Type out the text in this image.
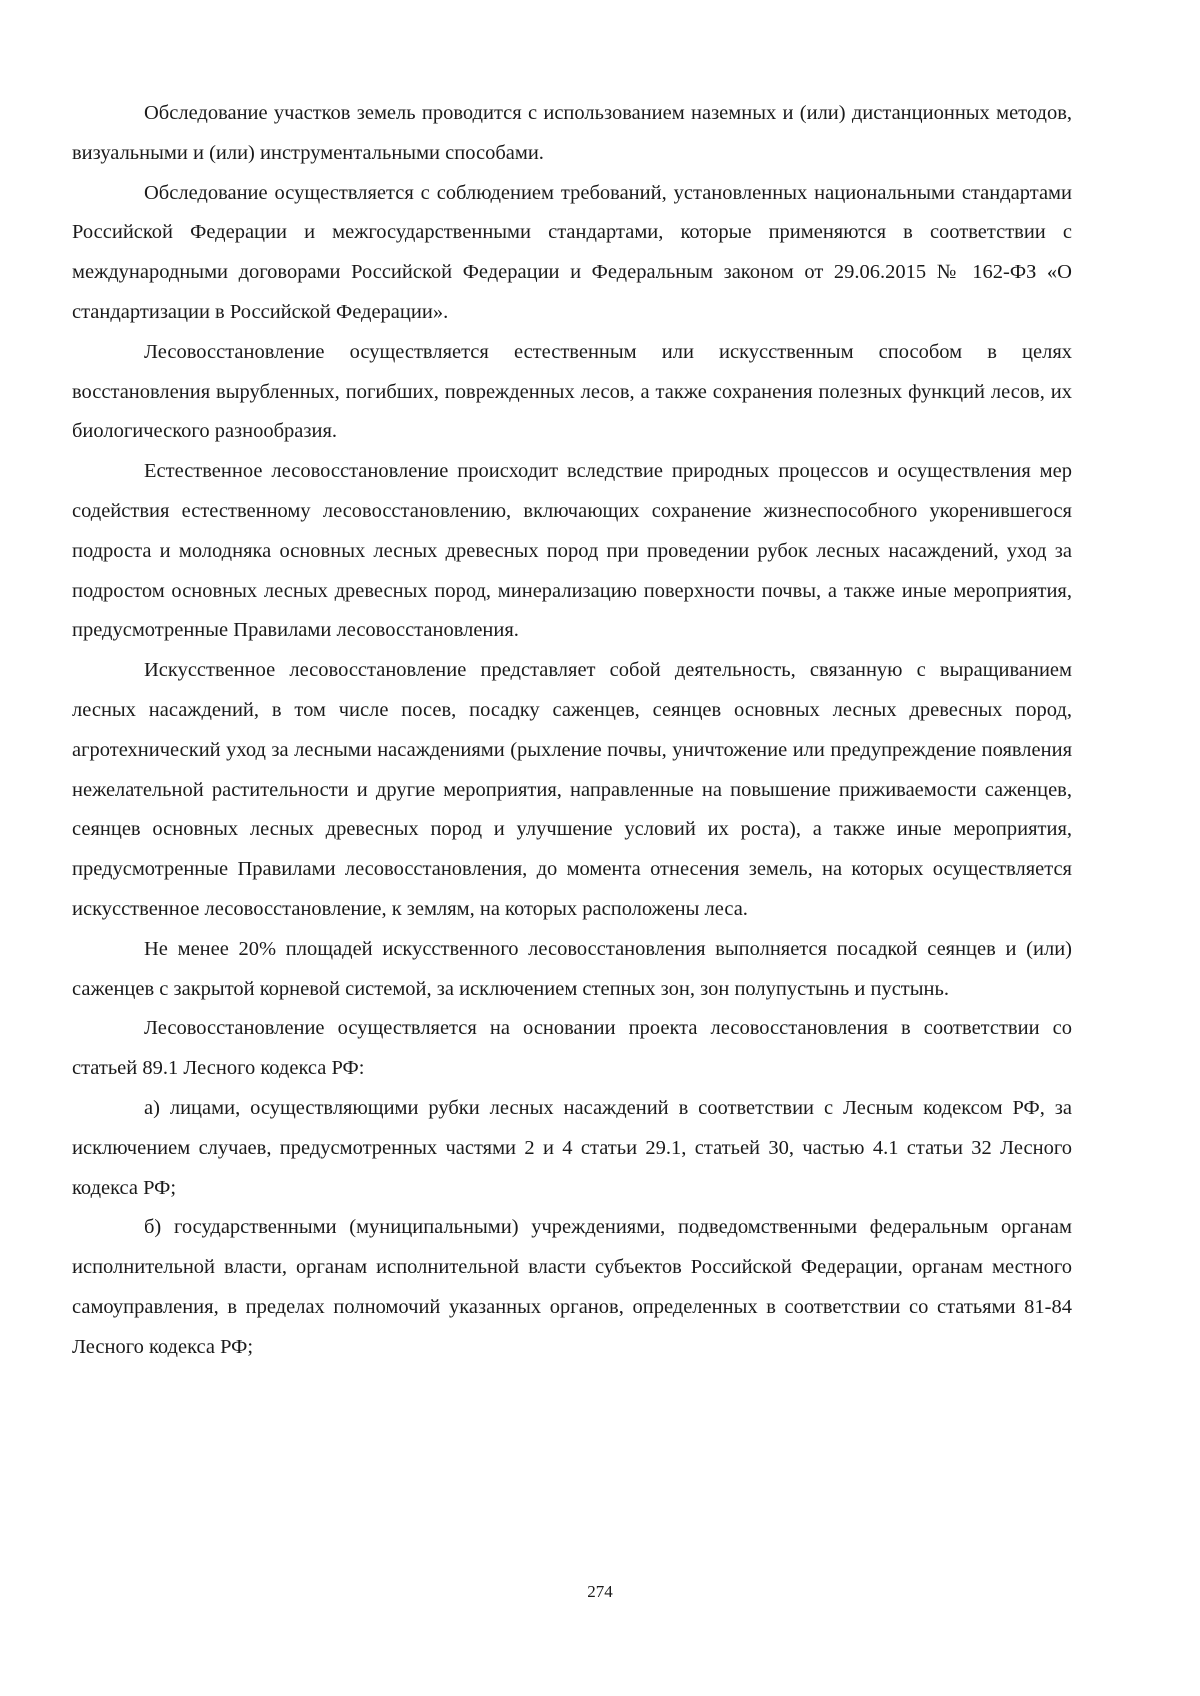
Обследование участков земель проводится с использованием наземных и (или) дистанционных методов, визуальными и (или) инструментальными способами.

Обследование осуществляется с соблюдением требований, установленных национальными стандартами Российской Федерации и межгосударственными стандартами, которые применяются в соответствии с международными договорами Российской Федерации и Федеральным законом от 29.06.2015 № 162-ФЗ «О стандартизации в Российской Федерации».

Лесовосстановление осуществляется естественным или искусственным способом в целях восстановления вырубленных, погибших, поврежденных лесов, а также сохранения полезных функций лесов, их биологического разнообразия.

Естественное лесовосстановление происходит вследствие природных процессов и осуществления мер содействия естественному лесовосстановлению, включающих сохранение жизнеспособного укоренившегося подроста и молодняка основных лесных древесных пород при проведении рубок лесных насаждений, уход за подростом основных лесных древесных пород, минерализацию поверхности почвы, а также иные мероприятия, предусмотренные Правилами лесовосстановления.

Искусственное лесовосстановление представляет собой деятельность, связанную с выращиванием лесных насаждений, в том числе посев, посадку саженцев, сеянцев основных лесных древесных пород, агротехнический уход за лесными насаждениями (рыхление почвы, уничтожение или предупреждение появления нежелательной растительности и другие мероприятия, направленные на повышение приживаемости саженцев, сеянцев основных лесных древесных пород и улучшение условий их роста), а также иные мероприятия, предусмотренные Правилами лесовосстановления, до момента отнесения земель, на которых осуществляется искусственное лесовосстановление, к землям, на которых расположены леса.

Не менее 20% площадей искусственного лесовосстановления выполняется посадкой сеянцев и (или) саженцев с закрытой корневой системой, за исключением степных зон, зон полупустынь и пустынь.

Лесовосстановление осуществляется на основании проекта лесовосстановления в соответствии со статьей 89.1 Лесного кодекса РФ:

а) лицами, осуществляющими рубки лесных насаждений в соответствии с Лесным кодексом РФ, за исключением случаев, предусмотренных частями 2 и 4 статьи 29.1, статьей 30, частью 4.1 статьи 32 Лесного кодекса РФ;

б) государственными (муниципальными) учреждениями, подведомственными федеральным органам исполнительной власти, органам исполнительной власти субъектов Российской Федерации, органам местного самоуправления, в пределах полномочий указанных органов, определенных в соответствии со статьями 81-84 Лесного кодекса РФ;

274
